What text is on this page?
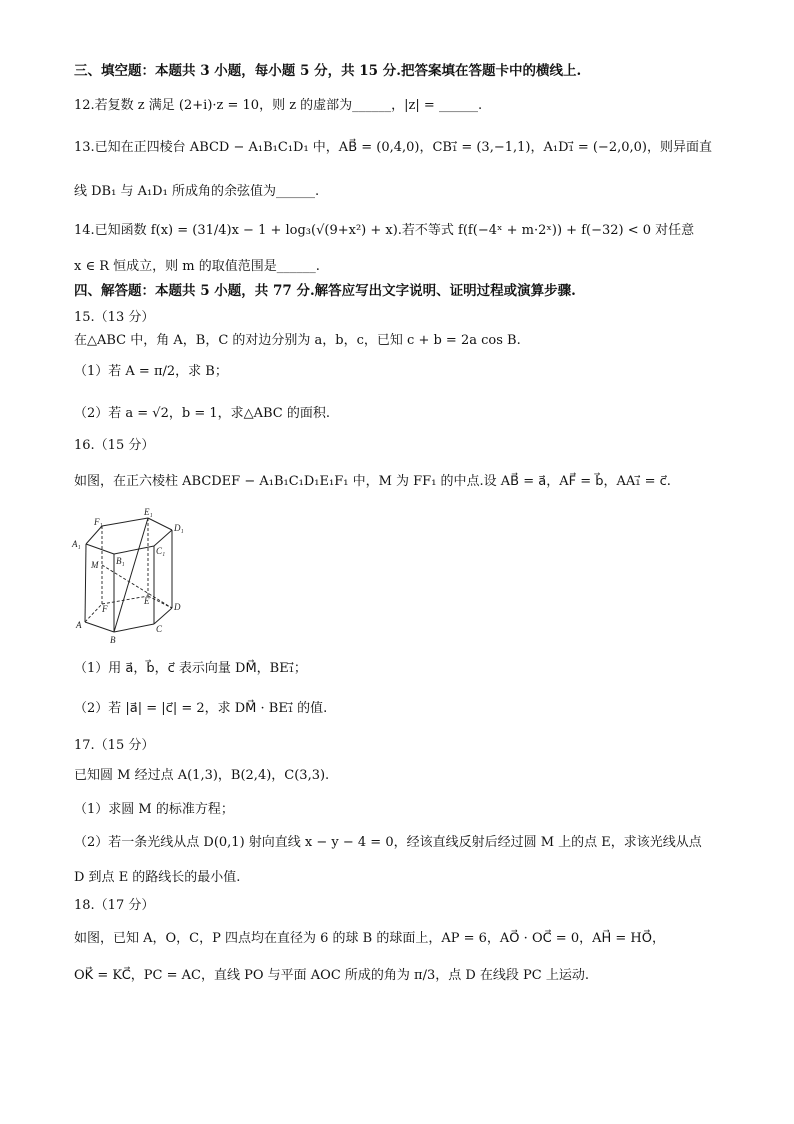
三、填空题：本题共 3 小题，每小题 5 分，共 15 分.把答案填在答题卡中的横线上.
12.若复数 z 满足 (2+i)·z = 10，则 z 的虚部为______，|z| = ______.
13.已知在正四棱台 ABCD − A₁B₁C₁D₁ 中，AB⃗ = (0,4,0)，CB₁⃗ = (3,−1,1)，A₁D₁⃗ = (−2,0,0)，则异面直
线 DB₁ 与 A₁D₁ 所成角的余弦值为______.
14.已知函数 f(x) = (31/4)x − 1 + log₃(√(9+x²) + x).若不等式 f(f(−4ˣ + m·2ˣ)) + f(−32) < 0 对任意
x ∈ R 恒成立，则 m 的取值范围是______.
四、解答题：本题共 5 小题，共 77 分.解答应写出文字说明、证明过程或演算步骤.
15.（13 分）
在△ABC 中，角 A，B，C 的对边分别为 a，b，c，已知 c + b = 2a cos B.
（1）若 A = π/2，求 B；
（2）若 a = √2，b = 1，求△ABC 的面积.
16.（15 分）
如图，在正六棱柱 ABCDEF − A₁B₁C₁D₁E₁F₁ 中，M 为 FF₁ 的中点.设 AB⃗ = a⃗，AF⃗ = b⃗，AA₁⃗ = c⃗.
F₁
E₁
D₁
A₁
B₁
C₁
M
F
E
D
A
B
C
（1）用 a⃗，b⃗，c⃗ 表示向量 DM⃗，BE₁⃗；
（2）若 |a⃗| = |c⃗| = 2，求 DM⃗ · BE₁⃗ 的值.
17.（15 分）
已知圆 M 经过点 A(1,3)，B(2,4)，C(3,3).
（1）求圆 M 的标准方程；
（2）若一条光线从点 D(0,1) 射向直线 x − y − 4 = 0，经该直线反射后经过圆 M 上的点 E，求该光线从点
D 到点 E 的路线长的最小值.
18.（17 分）
如图，已知 A，O，C，P 四点均在直径为 6 的球 B 的球面上，AP = 6，AO⃗ · OC⃗ = 0，AH⃗ = HO⃗，
OK⃗ = KC⃗，PC = AC，直线 PO 与平面 AOC 所成的角为 π/3，点 D 在线段 PC 上运动.
